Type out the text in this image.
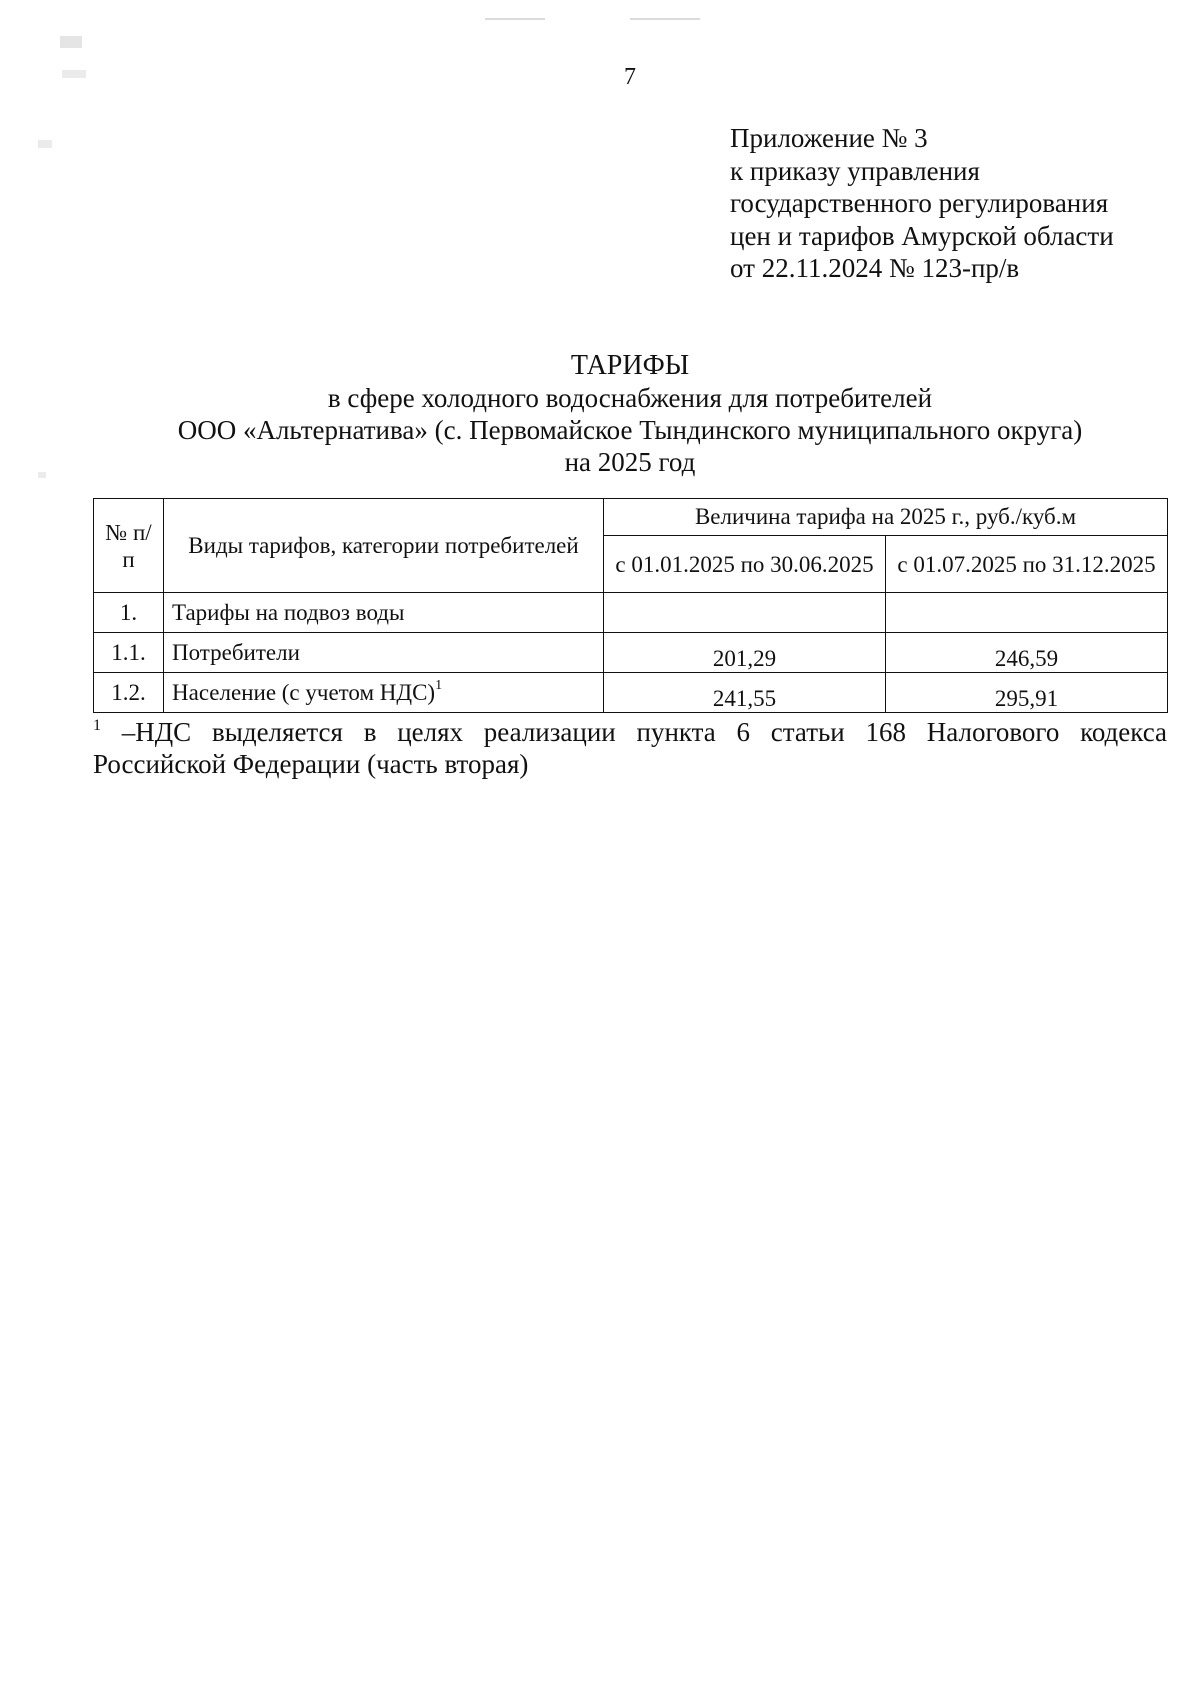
7
Приложение № 3
к приказу управления
государственного регулирования
цен и тарифов Амурской области
от 22.11.2024 № 123-пр/в
ТАРИФЫ
в сфере холодного водоснабжения для потребителей
ООО «Альтернатива» (с. Первомайское Тындинского муниципального округа)
на 2025 год
№ п/п	Виды тарифов, категории потребителей	Величина тарифа на 2025 г., руб./куб.м	
		с 01.01.2025 по 30.06.2025	с 01.07.2025 по 31.12.2025
1.	Тарифы на подвоз воды		
1.1.	Потребители	201,29	246,59
1.2.	Население (с учетом НДС)$^1$	241,55	295,91
$^1$ –НДС выделяется в целях реализации пункта 6 статьи 168 Налогового кодекса
Российской Федерации (часть вторая)
